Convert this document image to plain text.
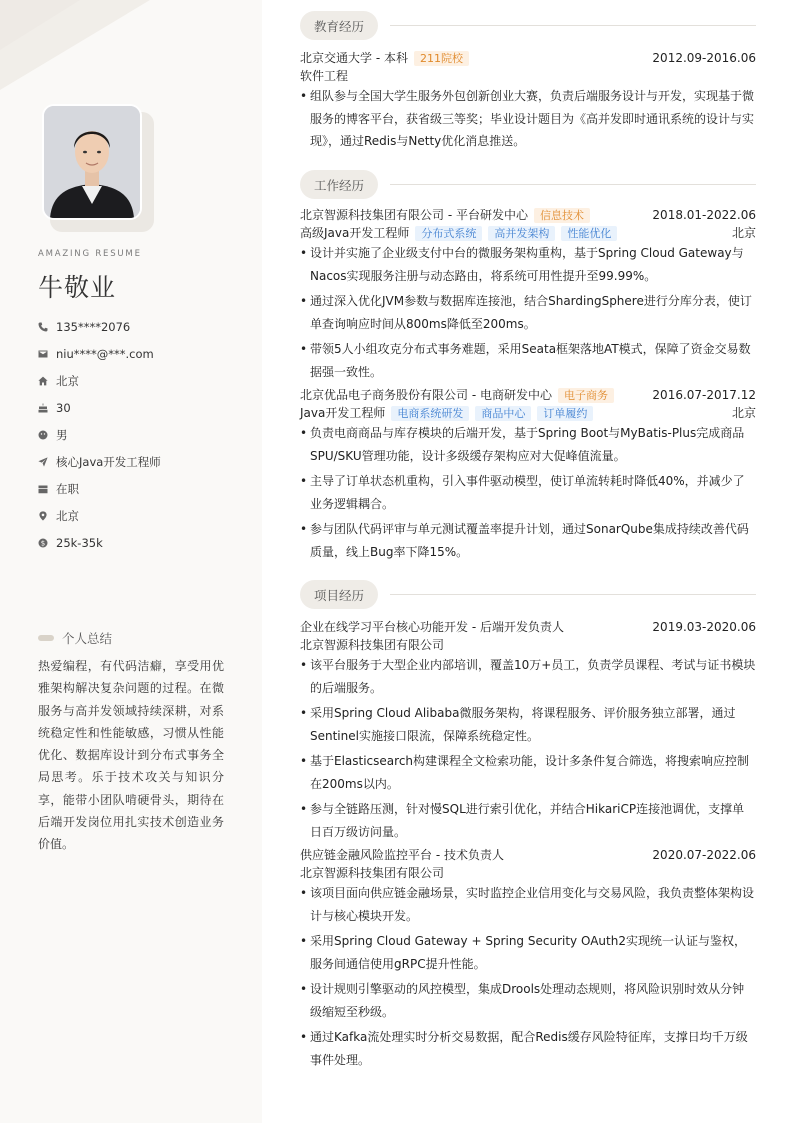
AMAZING RESUME
牛敬业
135****2076
niu****@***.com
北京
30
男
核心Java开发工程师
在职
北京
$ 25k-35k
个人总结
热爱编程，有代码洁癖，享受用优雅架构解决复杂问题的过程。在微服务与高并发领域持续深耕，对系统稳定性和性能敏感，习惯从性能优化、数据库设计到分布式事务全局思考。乐于技术攻关与知识分享，能带小团队啃硬骨头，期待在后端开发岗位用扎实技术创造业务价值。
教育经历
北京交通大学 - 本科	211院校	2012.09-2016.06
软件工程
• 组队参与全国大学生服务外包创新创业大赛，负责后端服务设计与开发，实现基于微服务的博客平台，获省级三等奖；毕业设计题目为《高并发即时通讯系统的设计与实现》，通过Redis与Netty优化消息推送。
工作经历
北京智源科技集团有限公司 - 平台研发中心	信息技术	2018.01-2022.06
高级Java开发工程师	分布式系统	高并发架构	性能优化	北京
• 设计并实施了企业级支付中台的微服务架构重构，基于Spring Cloud Gateway与Nacos实现服务注册与动态路由，将系统可用性提升至99.99%。
• 通过深入优化JVM参数与数据库连接池，结合ShardingSphere进行分库分表，使订单查询响应时间从800ms降低至200ms。
• 带领5人小组攻克分布式事务难题，采用Seata框架落地AT模式，保障了资金交易数据强一致性。
北京优品电子商务股份有限公司 - 电商研发中心	电子商务	2016.07-2017.12
Java开发工程师	电商系统研发	商品中心	订单履约	北京
• 负责电商商品与库存模块的后端开发，基于Spring Boot与MyBatis-Plus完成商品SPU/SKU管理功能，设计多级缓存架构应对大促峰值流量。
• 主导了订单状态机重构，引入事件驱动模型，使订单流转耗时降低40%，并减少了业务逻辑耦合。
• 参与团队代码评审与单元测试覆盖率提升计划，通过SonarQube集成持续改善代码质量，线上Bug率下降15%。
项目经历
企业在线学习平台核心功能开发 - 后端开发负责人	2019.03-2020.06
北京智源科技集团有限公司
• 该平台服务于大型企业内部培训，覆盖10万+员工，负责学员课程、考试与证书模块的后端服务。
• 采用Spring Cloud Alibaba微服务架构，将课程服务、评价服务独立部署，通过Sentinel实施接口限流，保障系统稳定性。
• 基于Elasticsearch构建课程全文检索功能，设计多条件复合筛选，将搜索响应控制在200ms以内。
• 参与全链路压测，针对慢SQL进行索引优化，并结合HikariCP连接池调优，支撑单日百万级访问量。
供应链金融风险监控平台 - 技术负责人	2020.07-2022.06
北京智源科技集团有限公司
• 该项目面向供应链金融场景，实时监控企业信用变化与交易风险，我负责整体架构设计与核心模块开发。
• 采用Spring Cloud Gateway + Spring Security OAuth2实现统一认证与鉴权，服务间通信使用gRPC提升性能。
• 设计规则引擎驱动的风控模型，集成Drools处理动态规则，将风险识别时效从分钟级缩短至秒级。
• 通过Kafka流处理实时分析交易数据，配合Redis缓存风险特征库，支撑日均千万级事件处理。
